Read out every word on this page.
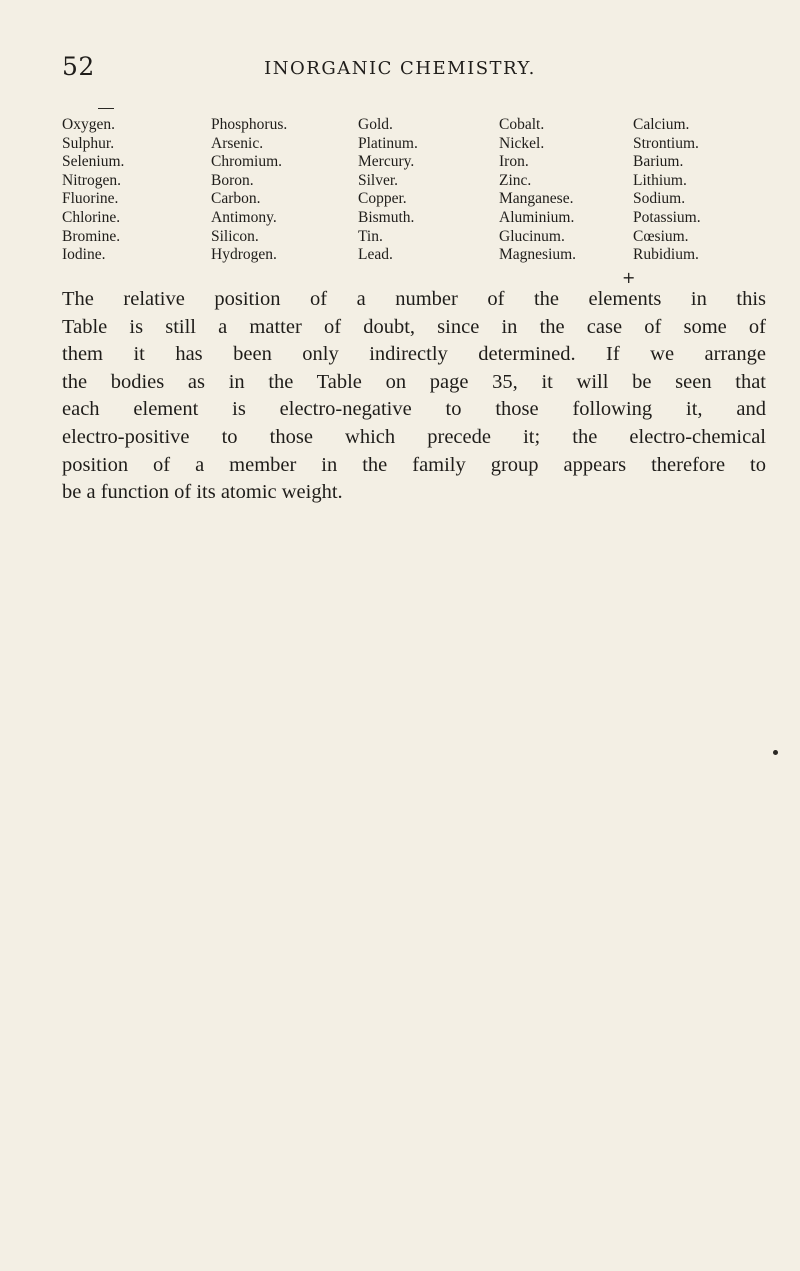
52	INORGANIC CHEMISTRY.
Oxygen.	Phosphorus.	Gold.	Cobalt.	Calcium.
Sulphur.	Arsenic.	Platinum.	Nickel.	Strontium.
Selenium.	Chromium.	Mercury.	Iron.	Barium.
Nitrogen.	Boron.	Silver.	Zinc.	Lithium.
Fluorine.	Carbon.	Copper.	Manganese.	Sodium.
Chlorine.	Antimony.	Bismuth.	Aluminium.	Potassium.
Bromine.	Silicon.	Tin.	Glucinum.	Cœsium.
Iodine.	Hydrogen.	Lead.	Magnesium.	Rubidium.
+
The relative position of a number of the elements in this
Table is still a matter of doubt, since in the case of some of
them it has been only indirectly determined. If we arrange
the bodies as in the Table on page 35, it will be seen that
each element is electro-negative to those following it, and
electro-positive to those which precede it; the electro-chemical
position of a member in the family group appears therefore to
be a function of its atomic weight.
